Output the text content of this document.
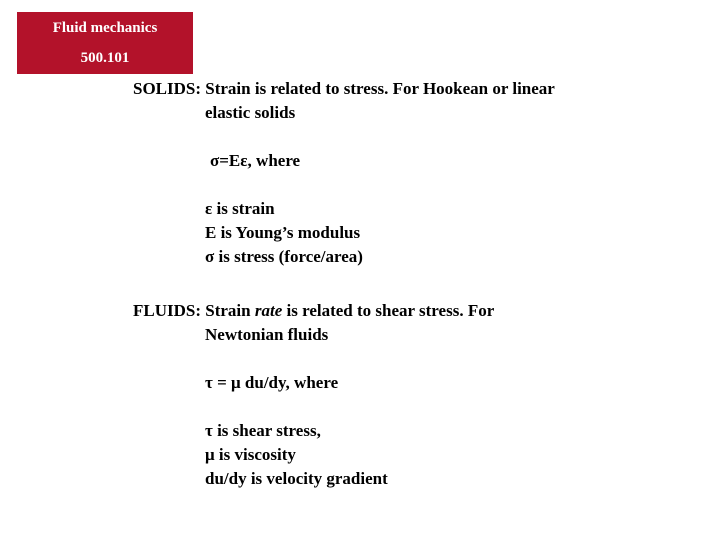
Fluid mechanics
500.101
SOLIDS: Strain is related to stress. For Hookean or linear
elastic solids
σ=Eε, where
ε is strain
E is Young’s modulus
σ is stress (force/area)
FLUIDS: Strain rate is related to shear stress. For
Newtonian fluids
τ = μ du/dy, where
τ is shear stress,
μ is viscosity
du/dy is velocity gradient
